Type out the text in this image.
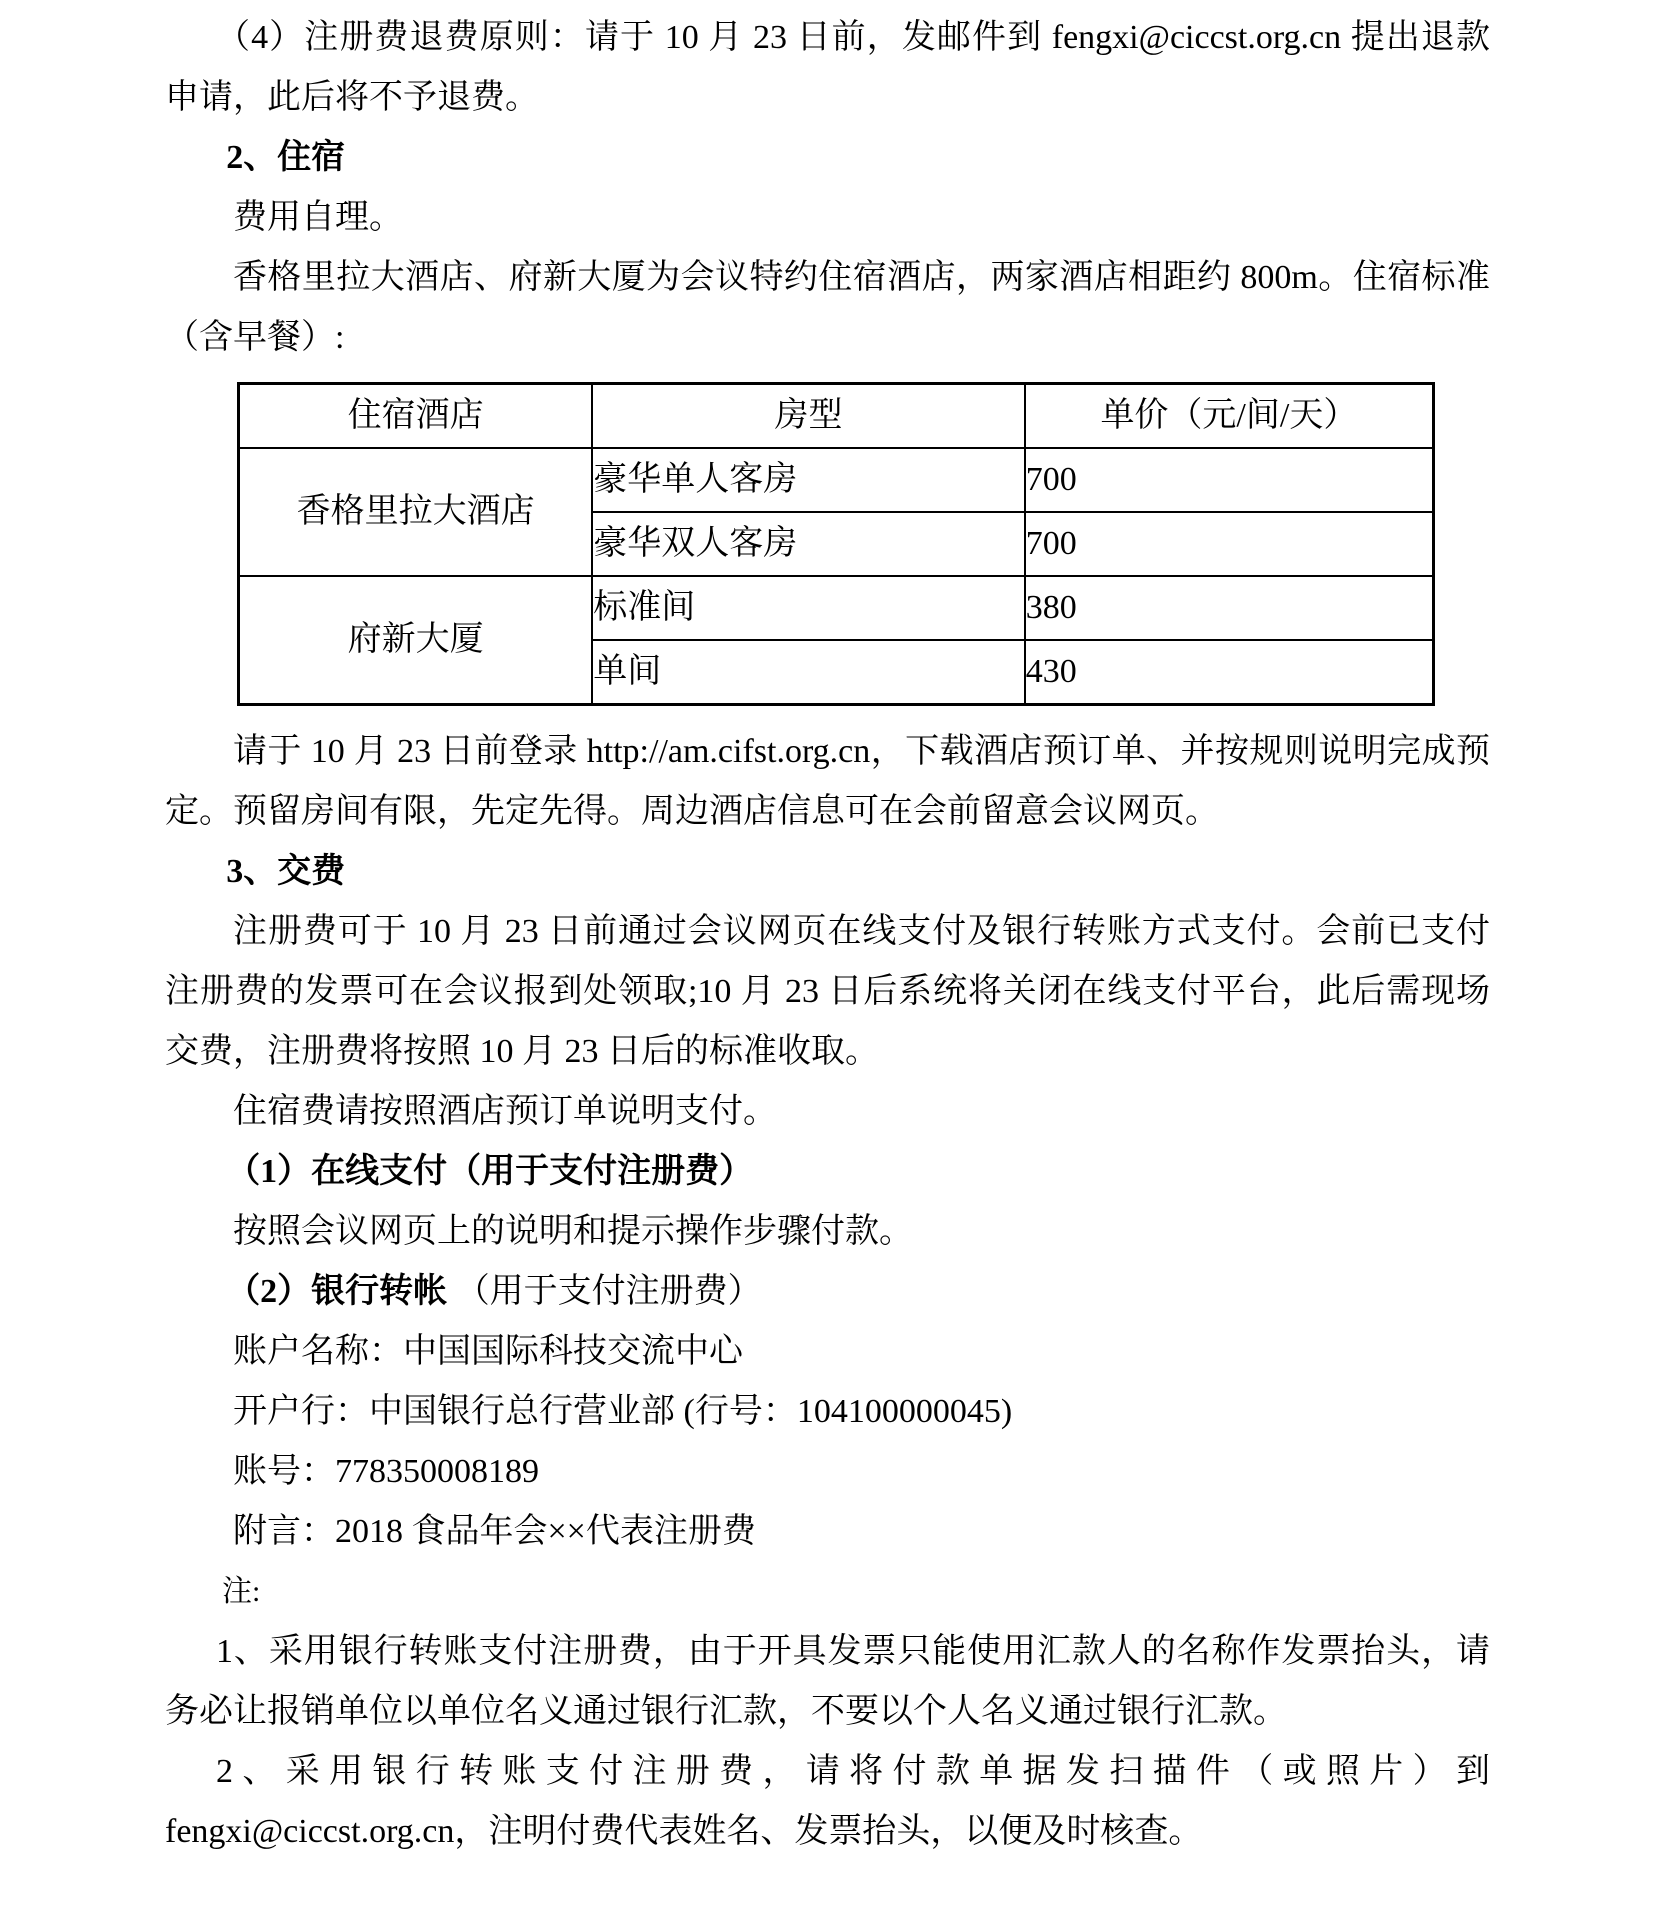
（4）注册费退费原则：请于 10 月 23 日前，发邮件到 fengxi@ciccst.org.cn 提出退款申请，此后将不予退费。

2、住宿

费用自理。

香格里拉大酒店、府新大厦为会议特约住宿酒店，两家酒店相距约 800m。住宿标准（含早餐）:

住宿酒店	房型	单价（元/间/天）
香格里拉大酒店	豪华单人客房	700
	豪华双人客房	700
府新大厦	标准间	380
	单间	430

请于 10 月 23 日前登录 http://am.cifst.org.cn，下载酒店预订单、并按规则说明完成预定。预留房间有限，先定先得。周边酒店信息可在会前留意会议网页。

3、交费

注册费可于 10 月 23 日前通过会议网页在线支付及银行转账方式支付。会前已支付注册费的发票可在会议报到处领取;10 月 23 日后系统将关闭在线支付平台，此后需现场交费，注册费将按照 10 月 23 日后的标准收取。

住宿费请按照酒店预订单说明支付。

（1）在线支付（用于支付注册费）

按照会议网页上的说明和提示操作步骤付款。

（2）银行转帐 （用于支付注册费）

账户名称：中国国际科技交流中心

开户行：中国银行总行营业部 (行号：104100000045)

账号：778350008189

附言：2018 食品年会××代表注册费

注:

1、采用银行转账支付注册费，由于开具发票只能使用汇款人的名称作发票抬头，请务必让报销单位以单位名义通过银行汇款，不要以个人名义通过银行汇款。

2、采用银行转账支付注册费，请将付款单据发扫描件（或照片）到 fengxi@ciccst.org.cn，注明付费代表姓名、发票抬头，以便及时核查。
